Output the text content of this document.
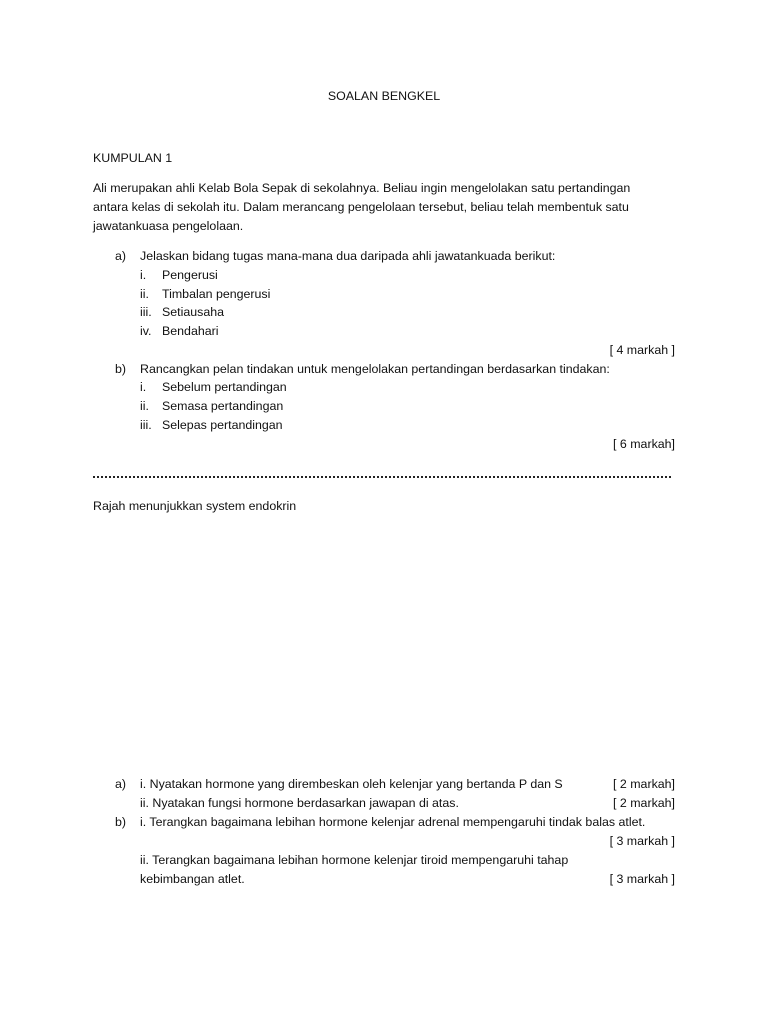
SOALAN BENGKEL
KUMPULAN 1
Ali merupakan ahli Kelab Bola Sepak di sekolahnya. Beliau ingin mengelolakan satu pertandingan
antara kelas di sekolah itu. Dalam merancang pengelolaan tersebut, beliau telah membentuk satu
jawatankuasa pengelolaan.
a) Jelaskan bidang tugas mana-mana dua daripada ahli jawatankuada berikut:
i. Pengerusi
ii. Timbalan pengerusi
iii. Setiausaha
iv. Bendahari
[ 4 markah ]
b) Rancangkan pelan tindakan untuk mengelolakan pertandingan berdasarkan tindakan:
i. Sebelum pertandingan
ii. Semasa pertandingan
iii. Selepas pertandingan
[ 6 markah]
Rajah menunjukkan system endokrin
a) i. Nyatakan hormone yang dirembeskan oleh kelenjar yang bertanda P dan S	[ 2 markah]
ii. Nyatakan fungsi hormone berdasarkan jawapan di atas.	[ 2 markah]
b) i. Terangkan bagaimana lebihan hormone kelenjar adrenal mempengaruhi tindak balas atlet.
[ 3 markah ]
ii. Terangkan bagaimana lebihan hormone kelenjar tiroid mempengaruhi tahap
kebimbangan atlet.	[ 3 markah ]
